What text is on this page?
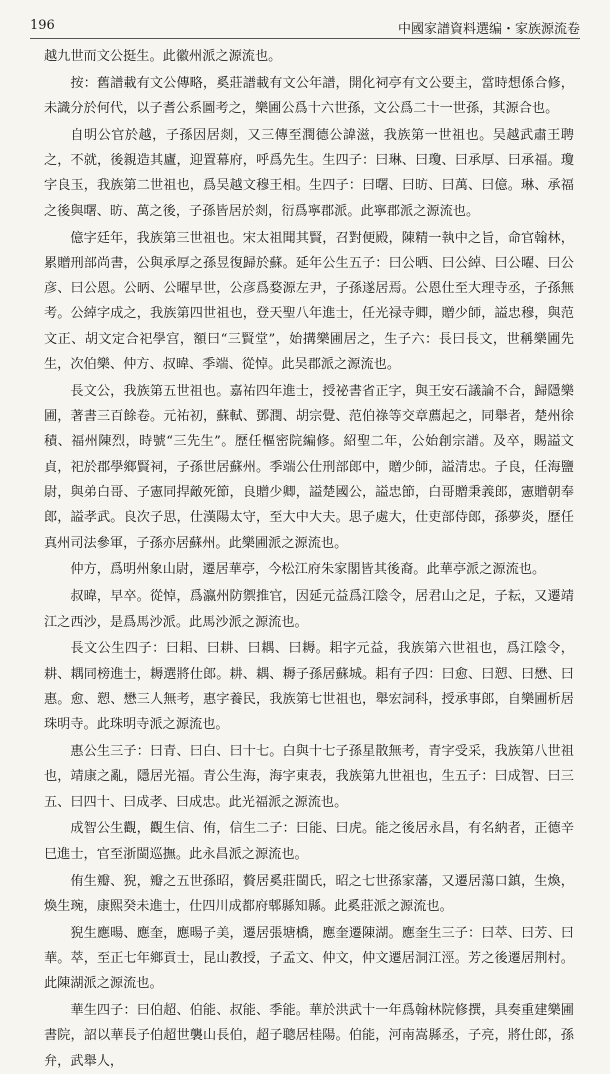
196	中國家譜資料選编・家族源流卷

越九世而文公挺生。此徽州派之源流也。

按：舊譜載有文公傳略，奚莊譜載有文公年譜，開化祠亭有文公要主，當時想係合修，未識分於何代，以子耆公系圖考之，樂圃公爲十六世孫，文公爲二十一世孫，其源合也。

自明公官於越，子孫因居剡，又三傳至潤德公諱滋，我族第一世祖也。吴越武肅王聘之，不就，後親造其廬，迎置幕府，呼爲先生。生四子：曰琳、曰瓊、曰承厚、曰承福。瓊字良玉，我族第二世祖也，爲吴越文穆王相。生四子：曰曙、曰昉、曰萬、曰億。琳、承福之後與曙、昉、萬之後，子孫皆居於剡，衍爲寧郡派。此寧郡派之源流也。

億字廷年，我族第三世祖也。宋太祖聞其賢，召對便殿，陳精一執中之旨，命官翰林，累贈刑部尚書，公與承厚之孫昱復歸於蘇。延年公生五子：曰公晒、曰公綽、曰公曜、曰公彦、曰公恩。公昞、公曜早世，公彦爲婺源左尹，子孫遂居焉。公恩仕至大理寺丞，子孫無考。公綽字成之，我族第四世祖也，登天聖八年進士，任光禄寺卿，贈少師，謚忠穆，與范文正、胡文定合祀學宫，額曰“三賢堂”，始搆樂圃居之，生子六：長曰長文，世稱樂圃先生，次伯樂、仲方、叔暐、季端、從悼。此吴郡派之源流也。

長文公，我族第五世祖也。嘉祐四年進士，授祕書省正字，與王安石議論不合，歸隱樂圃，著書三百餘卷。元祐初，蘇軾、鄧潤、胡宗覺、范伯祿等交章薦起之，同舉者，楚州徐積、福州陳烈，時號“三先生”。歷任樞密院編修。紹聖二年，公始創宗譜。及卒，賜謚文貞，祀於郡學鄉賢祠，子孫世居蘇州。季端公仕刑部郎中，贈少師，謚清忠。子良，任海鹽尉，與弟白哥、子憲同捍敵死節，良贈少卿，謚楚國公，謚忠節，白哥贈秉義郎，憲贈朝奉郎，謚孝武。良次子思，仕漢陽太守，至大中大夫。思子處大，仕吏部侍郎，孫夢炎，歷任真州司法參軍，子孫亦居蘇州。此樂圃派之源流也。

仲方，爲明州象山尉，遷居華亭，今松江府朱家閣皆其後裔。此華亭派之源流也。

叔暐，早卒。從悼，爲瀛州防禦推官，因延元益爲江陰令，居君山之足，子耘，又遷靖江之西沙，是爲馬沙派。此馬沙派之源流也。

長文公生四子：曰耜、曰耕、曰耦、曰耨。耜字元益，我族第六世祖也，爲江陰令，耕、耦同榜進士，耨選將仕郎。耕、耦、耨子孫居蘇城。耜有子四：曰愈、曰愬、曰懋、曰惠。愈、愬、懋三人無考，惠字養民，我族第七世祖也，舉宏詞科，授承事郎，自樂圃析居珠明寺。此珠明寺派之源流也。

惠公生三子：曰青、曰白、曰十七。白與十七子孫星散無考，青字受采，我族第八世祖也，靖康之亂，隱居光福。青公生海，海字東表，我族第九世祖也，生五子：曰成智、曰三五、曰四十、曰成孝、曰成忠。此光福派之源流也。

成智公生觀，觀生信、侑，信生二子：曰能、曰虎。能之後居永昌，有名納者，正德辛巳進士，官至浙閩巡撫。此永昌派之源流也。

侑生瓣、猊，瓣之五世孫昭，贅居奚莊閩氏，昭之七世孫家藩，又遷居蕩口鎮，生煥，煥生琬，康熙癸未進士，仕四川成都府郫縣知縣。此奚莊派之源流也。

猊生應暘、應奎，應暘子美，遷居張塘橋，應奎遷陳湖。應奎生三子：曰萃、曰芳、曰華。萃，至正七年鄉貢士，昆山教授，子孟文、仲文，仲文遷居洞江涇。芳之後遷居荆村。此陳湖派之源流也。

華生四子：曰伯超、伯能、叔能、季能。華於洪武十一年爲翰林院修撰，具奏重建樂圃書院，詔以華長子伯超世襲山長伯，超子聰居桂陽。伯能，河南嵩縣丞，子亮，將仕郎，孫弁，武舉人，
